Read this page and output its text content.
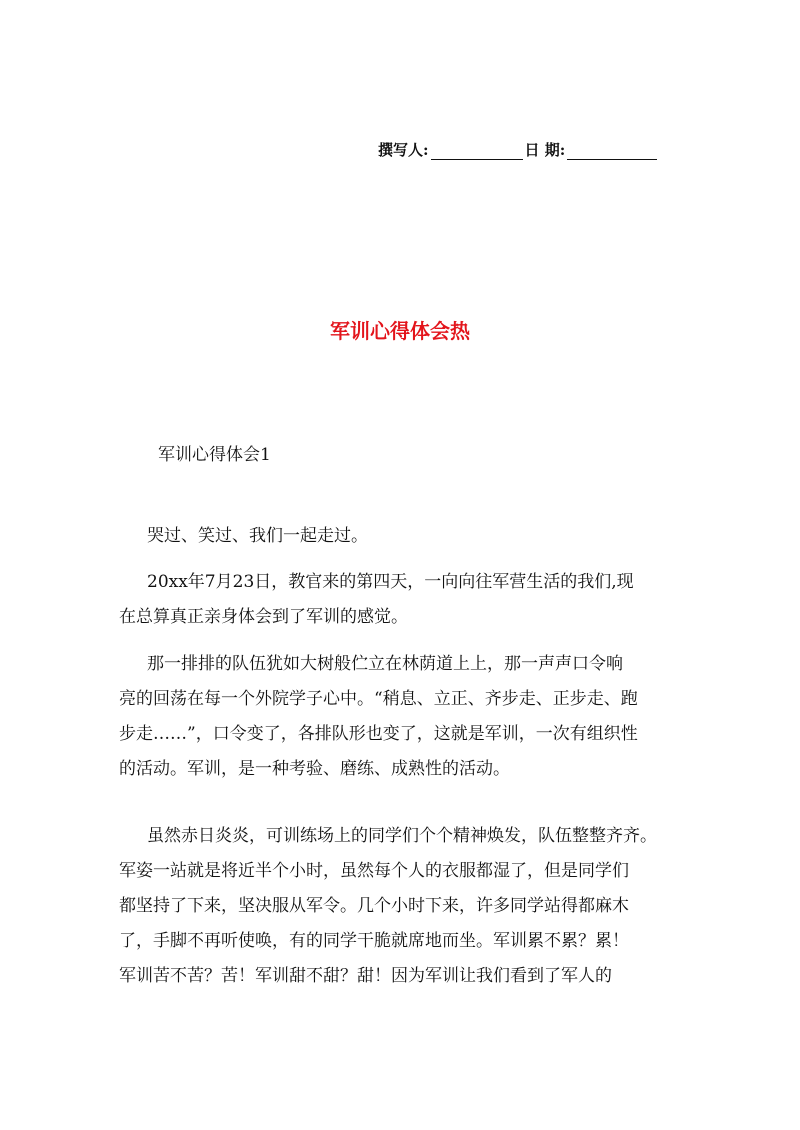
撰写人:	日 期:
军训心得体会热
军训心得体会1
哭过、笑过、我们一起走过。
20xx年7月23日，教官来的第四天，一向向往军营生活的我们,现
在总算真正亲身体会到了军训的感觉。
那一排排的队伍犹如大树般伫立在林荫道上上，那一声声口令响
亮的回荡在每一个外院学子心中。“稍息、立正、齐步走、正步走、跑
步走……”，口令变了，各排队形也变了，这就是军训，一次有组织性
的活动。军训，是一种考验、磨练、成熟性的活动。
虽然赤日炎炎，可训练场上的同学们个个精神焕发，队伍整整齐齐。
军姿一站就是将近半个小时，虽然每个人的衣服都湿了，但是同学们
都坚持了下来，坚决服从军令。几个小时下来，许多同学站得都麻木
了，手脚不再听使唤，有的同学干脆就席地而坐。军训累不累？累！
军训苦不苦？苦！军训甜不甜？甜！因为军训让我们看到了军人的
